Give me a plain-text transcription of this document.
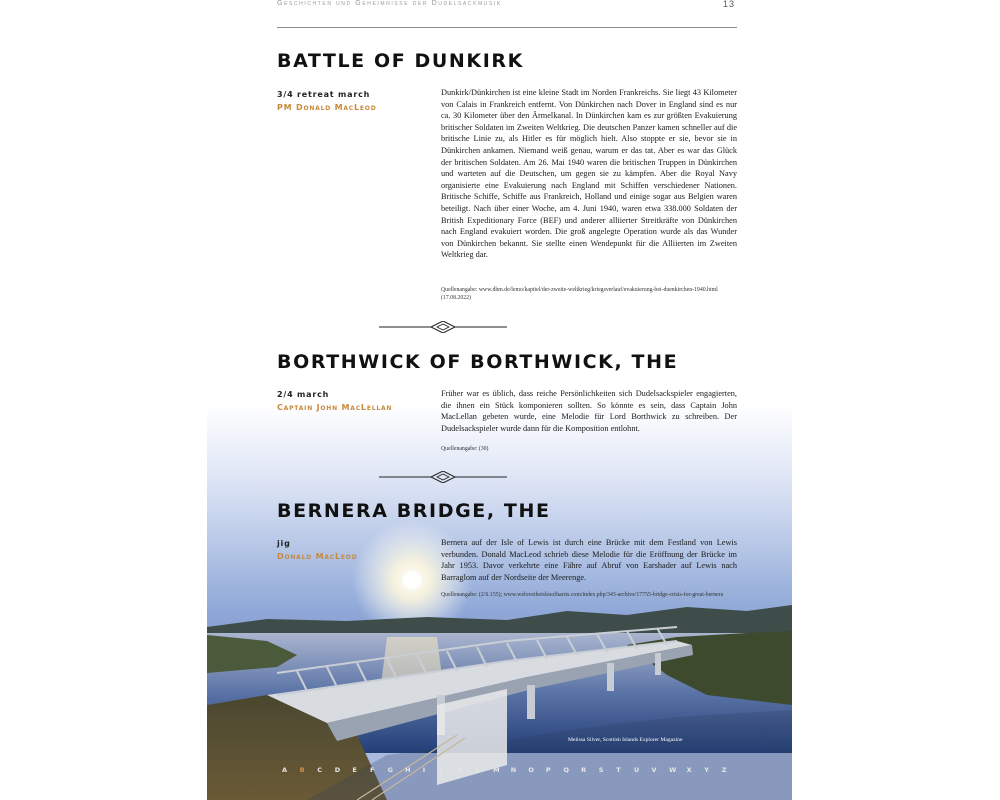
Geschichten und Geheimnisse der Dudelsackmusik	13
BATTLE OF DUNKIRK
3/4 retreat march
PM Donald MacLeod
Dunkirk/Dünkirchen ist eine kleine Stadt im Norden Frankreichs. Sie liegt 43 Kilometer von Calais in Frankreich entfernt. Von Dünkirchen nach Dover in England sind es nur ca. 30 Kilometer über den Ärmelkanal. In Dünkirchen kam es zur größten Evakuierung britischer Soldaten im Zweiten Weltkrieg. Die deutschen Panzer kamen schneller auf die britische Linie zu, als Hitler es für möglich hielt. Also stoppte er sie, bevor sie in Dünkirchen ankamen. Niemand weiß genau, warum er das tat. Aber es war das Glück der britischen Soldaten. Am 26. Mai 1940 waren die britischen Truppen in Dünkirchen und warteten auf die Deutschen, um gegen sie zu kämpfen. Aber die Royal Navy organisierte eine Evakuierung nach England mit Schiffen verschiedener Nationen. Britische Schiffe, Schiffe aus Frankreich, Holland und einige sogar aus Belgien waren beteiligt. Nach über einer Woche, am 4. Juni 1940, waren etwa 338.000 Soldaten der British Expeditionary Force (BEF) und anderer alliierter Streitkräfte von Dünkirchen nach England evakuiert worden. Die groß angelegte Operation wurde als das Wunder von Dünkirchen bekannt. Sie stellte einen Wendepunkt für die Alliierten im Zweiten Weltkrieg dar.
Quellenangabe: www.dhm.de/lemo/kapitel/der-zweite-weltkrieg/kriegsverlauf/evakuierung-bei-duenkirchen-1940.html (17.08.2022)
BORTHWICK OF BORTHWICK, THE
2/4 march
Captain John MacLellan
Früher war es üblich, dass reiche Persönlichkeiten sich Dudelsackspieler engagierten, die ihnen ein Stück komponieren sollten. So könnte es sein, dass Captain John MacLellan gebeten wurde, eine Melodie für Lord Borthwick zu schreiben. Der Dudelsackspieler wurde dann für die Komposition entlohnt.
Quellenangabe: (30)
BERNERA BRIDGE, THE
jig
Donald MacLeod
Bernera auf der Isle of Lewis ist durch eine Brücke mit dem Festland von Lewis verbunden. Donald MacLeod schrieb diese Melodie für die Eröffnung der Brücke im Jahr 1953. Davor verkehrte eine Fähre auf Abruf von Earshader auf Lewis nach Barraglom auf der Nordseite der Meerenge.
Quellenangabe: (2/S.155); www.welovetheislesofharris.com/index.php/343-archive/17755-bridge-crisis-for-great-bernera
Melissa Silver, Scottish Islands Explorer Magazine
A	B	C	D	E	F	G	H	I	J	K	L	M	N	O	P	Q	R	S	T	U	V	W	X	Y	Z
